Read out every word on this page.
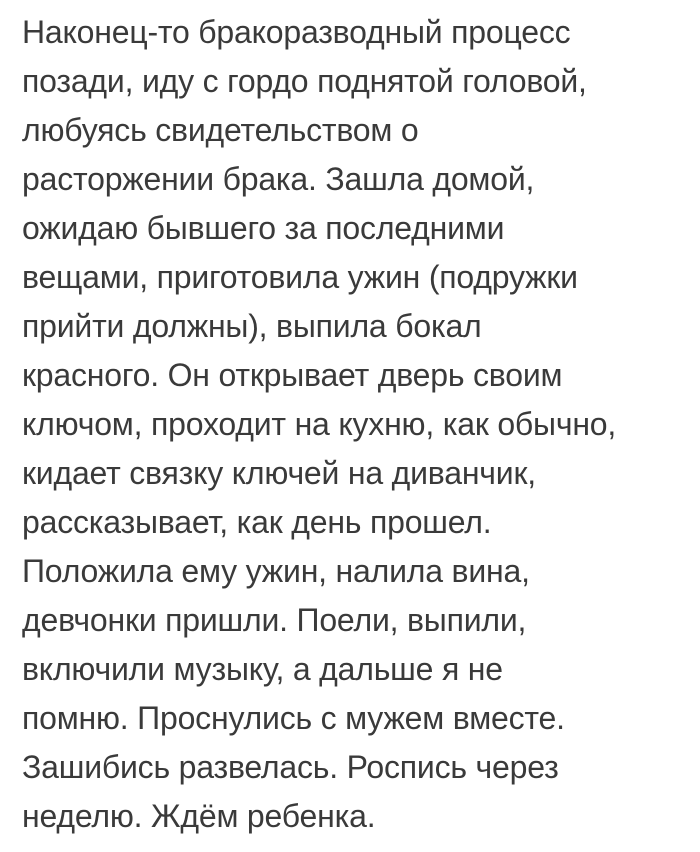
Наконец-то бракоразводный процесс
позади, иду с гордо поднятой головой,
любуясь свидетельством о
расторжении брака. Зашла домой,
ожидаю бывшего за последними
вещами, приготовила ужин (подружки
прийти должны), выпила бокал
красного. Он открывает дверь своим
ключом, проходит на кухню, как обычно,
кидает связку ключей на диванчик,
рассказывает, как день прошел.
Положила ему ужин, налила вина,
девчонки пришли. Поели, выпили,
включили музыку, а дальше я не
помню. Проснулись с мужем вместе.
Зашибись развелась. Роспись через
неделю. Ждём ребенка.
